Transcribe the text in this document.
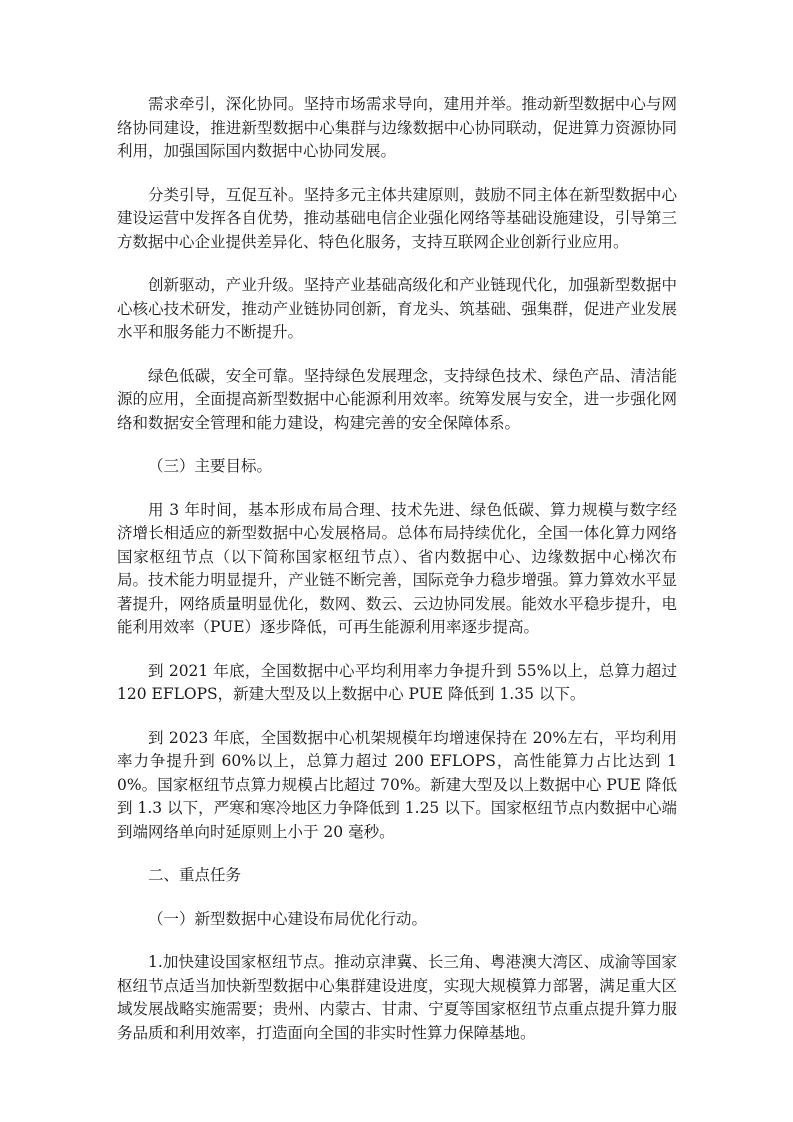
需求牵引，深化协同。坚持市场需求导向，建用并举。推动新型数据中心与网络协同建设，推进新型数据中心集群与边缘数据中心协同联动，促进算力资源协同利用，加强国际国内数据中心协同发展。

分类引导，互促互补。坚持多元主体共建原则，鼓励不同主体在新型数据中心建设运营中发挥各自优势，推动基础电信企业强化网络等基础设施建设，引导第三方数据中心企业提供差异化、特色化服务，支持互联网企业创新行业应用。

创新驱动，产业升级。坚持产业基础高级化和产业链现代化，加强新型数据中心核心技术研发，推动产业链协同创新，育龙头、筑基础、强集群，促进产业发展水平和服务能力不断提升。

绿色低碳，安全可靠。坚持绿色发展理念，支持绿色技术、绿色产品、清洁能源的应用，全面提高新型数据中心能源利用效率。统筹发展与安全，进一步强化网络和数据安全管理和能力建设，构建完善的安全保障体系。

（三）主要目标。

用 3 年时间，基本形成布局合理、技术先进、绿色低碳、算力规模与数字经济增长相适应的新型数据中心发展格局。总体布局持续优化，全国一体化算力网络国家枢纽节点（以下简称国家枢纽节点）、省内数据中心、边缘数据中心梯次布局。技术能力明显提升，产业链不断完善，国际竞争力稳步增强。算力算效水平显著提升，网络质量明显优化，数网、数云、云边协同发展。能效水平稳步提升，电能利用效率（PUE）逐步降低，可再生能源利用率逐步提高。

到 2021 年底，全国数据中心平均利用率力争提升到 55%以上，总算力超过 120 EFLOPS，新建大型及以上数据中心 PUE 降低到 1.35 以下。

到 2023 年底，全国数据中心机架规模年均增速保持在 20%左右，平均利用率力争提升到 60%以上，总算力超过 200 EFLOPS，高性能算力占比达到 10%。国家枢纽节点算力规模占比超过 70%。新建大型及以上数据中心 PUE 降低到 1.3 以下，严寒和寒冷地区力争降低到 1.25 以下。国家枢纽节点内数据中心端到端网络单向时延原则上小于 20 毫秒。

二、重点任务

（一）新型数据中心建设布局优化行动。

1.加快建设国家枢纽节点。推动京津冀、长三角、粤港澳大湾区、成渝等国家枢纽节点适当加快新型数据中心集群建设进度，实现大规模算力部署，满足重大区域发展战略实施需要；贵州、内蒙古、甘肃、宁夏等国家枢纽节点重点提升算力服务品质和利用效率，打造面向全国的非实时性算力保障基地。
